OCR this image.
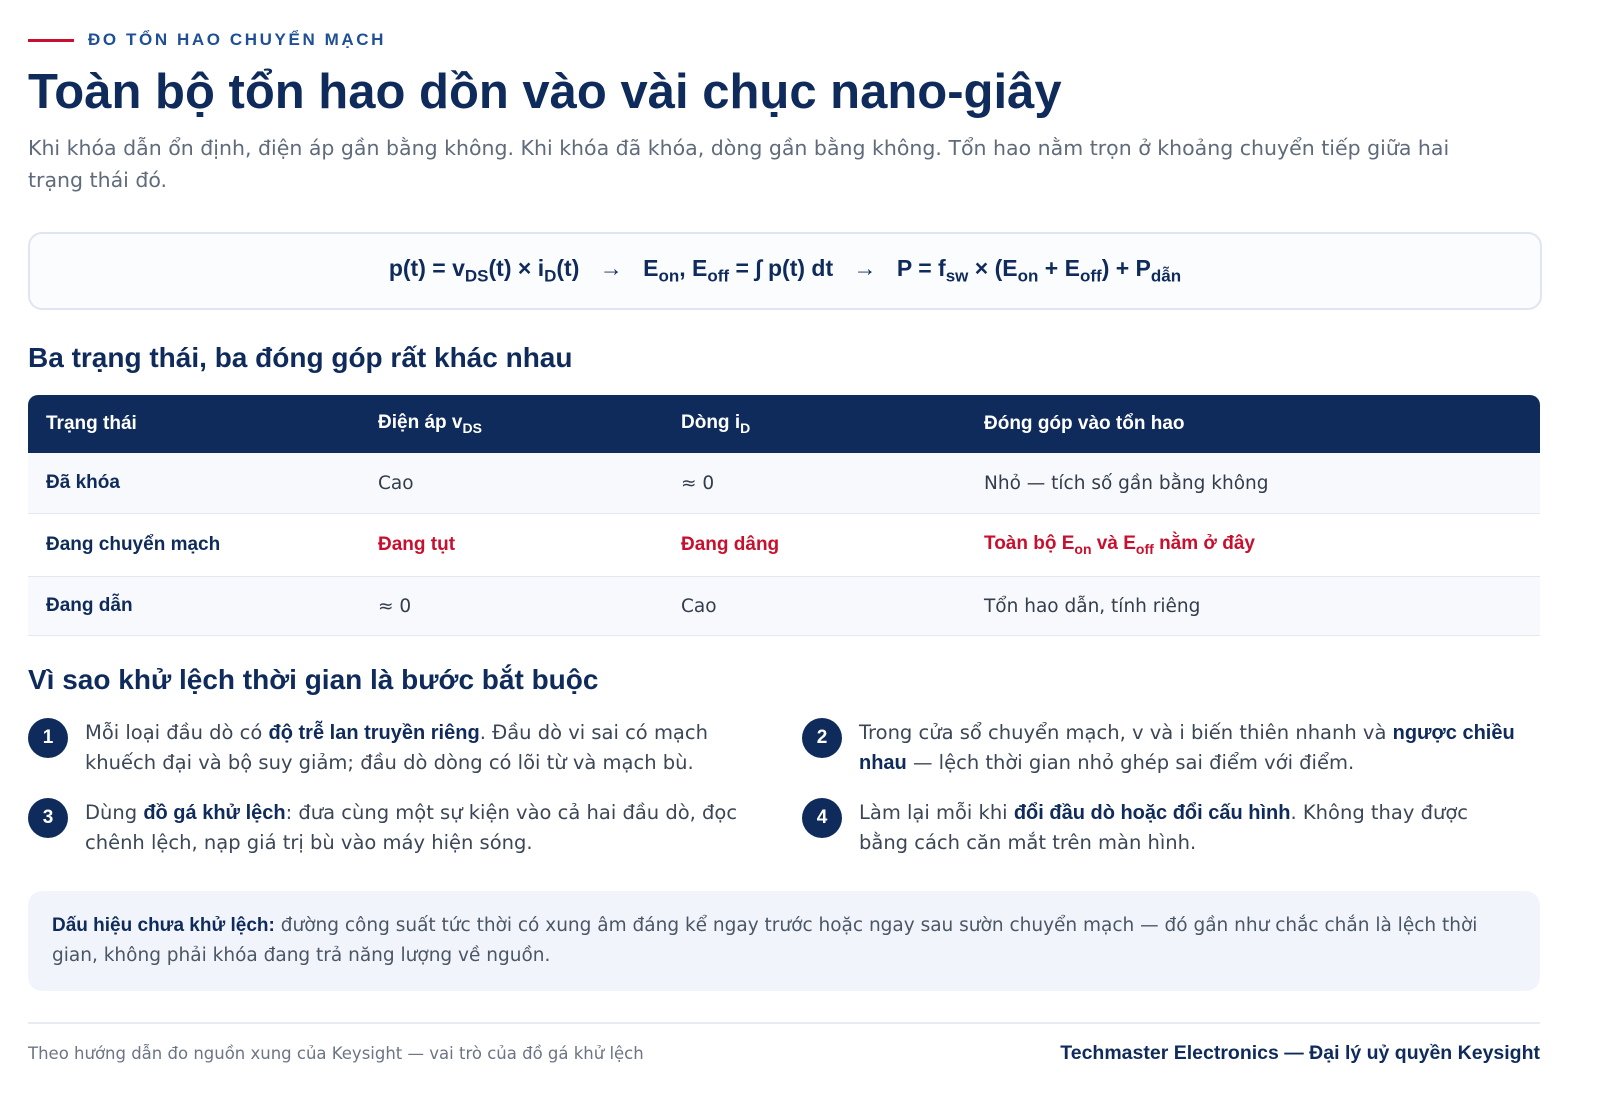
ĐO TỔN HAO CHUYỂN MẠCH
Toàn bộ tổn hao dồn vào vài chục nano-giây
Khi khóa dẫn ổn định, điện áp gần bằng không. Khi khóa đã khóa, dòng gần bằng không. Tổn hao nằm trọn ở khoảng chuyển tiếp giữa hai trạng thái đó.
$p(t) = v_{DS}(t) \times i_D(t) \to E_{on}$, $E_{off}$ = ∫ p(t) dt → $P = f_{sw} \times (E_{on} + E_{off}) + P_{dẫn}$
Ba trạng thái, ba đóng góp rất khác nhau
Trạng thái	Điện áp $v_{DS}$	Dòng $i_D$	Đóng góp vào tổn hao
Đã khóa	Cao	≈ 0	Nhỏ — tích số gần bằng không
Đang chuyển mạch	Đang tụt	Đang dâng	Toàn bộ $E_{on}$ và $E_{off}$ nằm ở đây
Đang dẫn	≈ 0	Cao	Tổn hao dẫn, tính riêng
Vì sao khử lệch thời gian là bước bắt buộc
1	Mỗi loại đầu dò có độ trễ lan truyền riêng. Đầu dò vi sai có mạch khuếch đại và bộ suy giảm; đầu dò dòng có lõi từ và mạch bù.
2	Trong cửa sổ chuyển mạch, v và i biến thiên nhanh và ngược chiều nhau — lệch thời gian nhỏ ghép sai điểm với điểm.
3	Dùng đồ gá khử lệch: đưa cùng một sự kiện vào cả hai đầu dò, đọc chênh lệch, nạp giá trị bù vào máy hiện sóng.
4	Làm lại mỗi khi đổi đầu dò hoặc đổi cấu hình. Không thay được bằng cách căn mắt trên màn hình.
Dấu hiệu chưa khử lệch: đường công suất tức thời có xung âm đáng kể ngay trước hoặc ngay sau sườn chuyển mạch — đó gần như chắc chắn là lệch thời gian, không phải khóa đang trả năng lượng về nguồn.
Theo hướng dẫn đo nguồn xung của Keysight — vai trò của đồ gá khử lệch	Techmaster Electronics — Đại lý uỷ quyền Keysight
